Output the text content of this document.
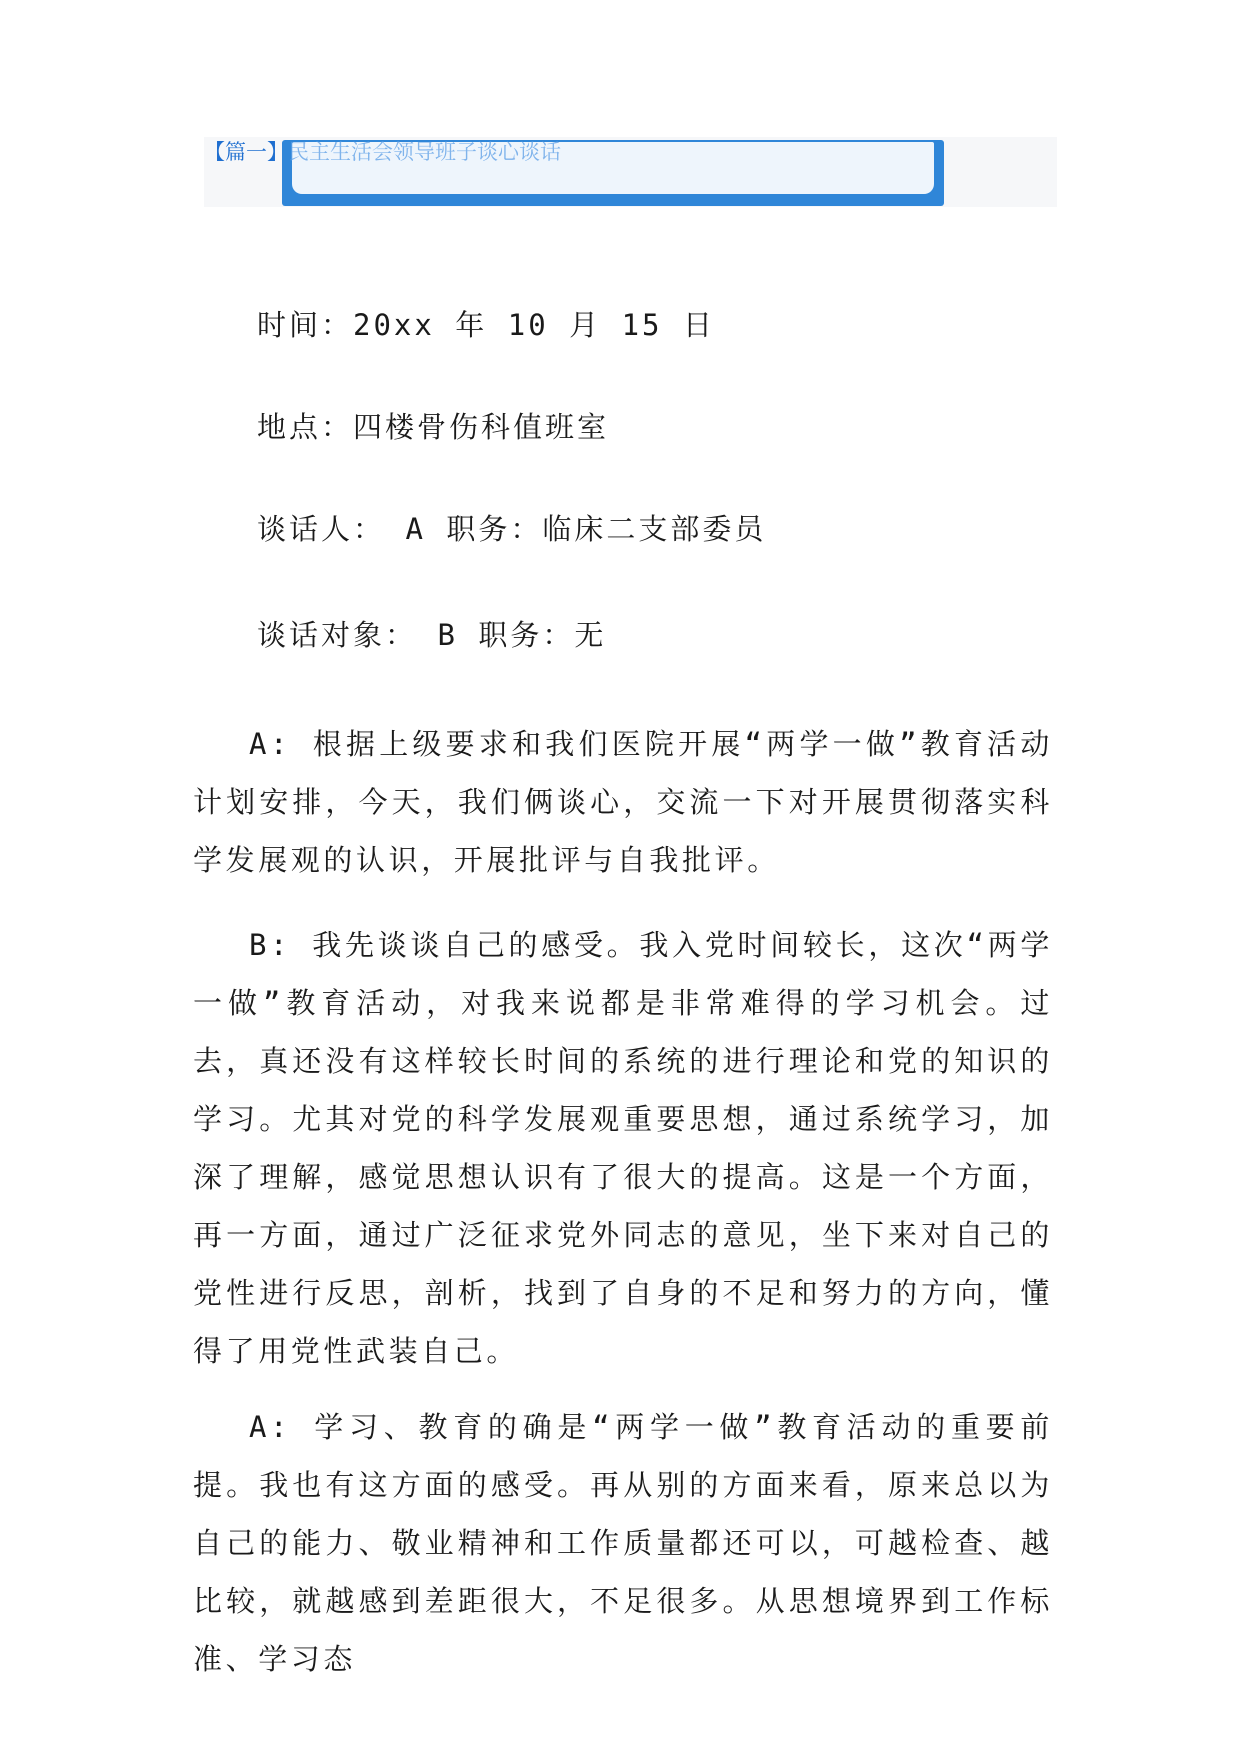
【篇一】民主生活会领导班子谈心谈话
时间：20xx 年 10 月 15 日
地点：四楼骨伤科值班室
谈话人： A 职务：临床二支部委员
谈话对象： B 职务：无
A: 根据上级要求和我们医院开展“两学一做”教育活动计划安排，今天，我们俩谈心，交流一下对开展贯彻落实科学发展观的认识，开展批评与自我批评。
B: 我先谈谈自己的感受。我入党时间较长，这次“两学一做”教育活动，对我来说都是非常难得的学习机会。过去，真还没有这样较长时间的系统的进行理论和党的知识的学习。尤其对党的科学发展观重要思想，通过系统学习，加深了理解，感觉思想认识有了很大的提高。这是一个方面，再一方面，通过广泛征求党外同志的意见，坐下来对自己的党性进行反思，剖析，找到了自身的不足和努力的方向，懂得了用党性武装自己。
A: 学习、教育的确是“两学一做”教育活动的重要前提。我也有这方面的感受。再从别的方面来看，原来总以为自己的能力、敬业精神和工作质量都还可以，可越检查、越比较，就越感到差距很大，不足很多。从思想境界到工作标准、学习态
